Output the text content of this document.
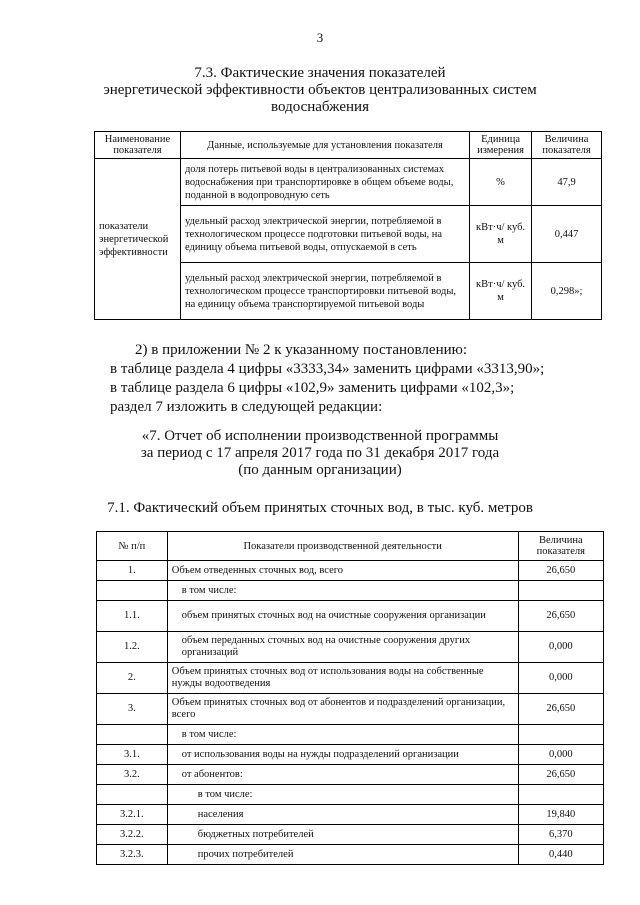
3
7.3. Фактические значения показателей
энергетической эффективности объектов централизованных систем
водоснабжения
Наименование показателя	Данные, используемые для установления показателя	Единица измерения	Величина показателя
показатели энергетической эффективности	доля потерь питьевой воды в централизованных системах водоснабжения при транспортировке в общем объеме воды, поданной в водопроводную сеть	%	47,9
	удельный расход электрической энергии, потребляемой в технологическом процессе подготовки питьевой воды, на единицу объема питьевой воды, отпускаемой в сеть	кВт·ч/ куб. м	0,447
	удельный расход электрической энергии, потребляемой в технологическом процессе транспортировки питьевой воды, на единицу объема транспортируемой питьевой воды	кВт·ч/ куб. м	0,298»;
2) в приложении № 2 к указанному постановлению:
в таблице раздела 4 цифры «3333,34» заменить цифрами «3313,90»;
в таблице раздела 6 цифры «102,9» заменить цифрами «102,3»;
раздел 7 изложить в следующей редакции:
«7. Отчет об исполнении производственной программы
за период с 17 апреля 2017 года по 31 декабря 2017 года
(по данным организации)
7.1. Фактический объем принятых сточных вод, в тыс. куб. метров
№ п/п	Показатели производственной деятельности	Величина показателя
1.	Объем отведенных сточных вод, всего	26,650
	в том числе:	
1.1.	объем принятых сточных вод на очистные сооружения организации	26,650
1.2.	объем переданных сточных вод на очистные сооружения других организаций	0,000
2.	Объем принятых сточных вод от использования воды на собственные нужды водоотведения	0,000
3.	Объем принятых сточных вод от абонентов и подразделений организации, всего	26,650
	в том числе:	
3.1.	от использования воды на нужды подразделений организации	0,000
3.2.	от абонентов:	26,650
	в том числе:	
3.2.1.	населения	19,840
3.2.2.	бюджетных потребителей	6,370
3.2.3.	прочих потребителей	0,440
